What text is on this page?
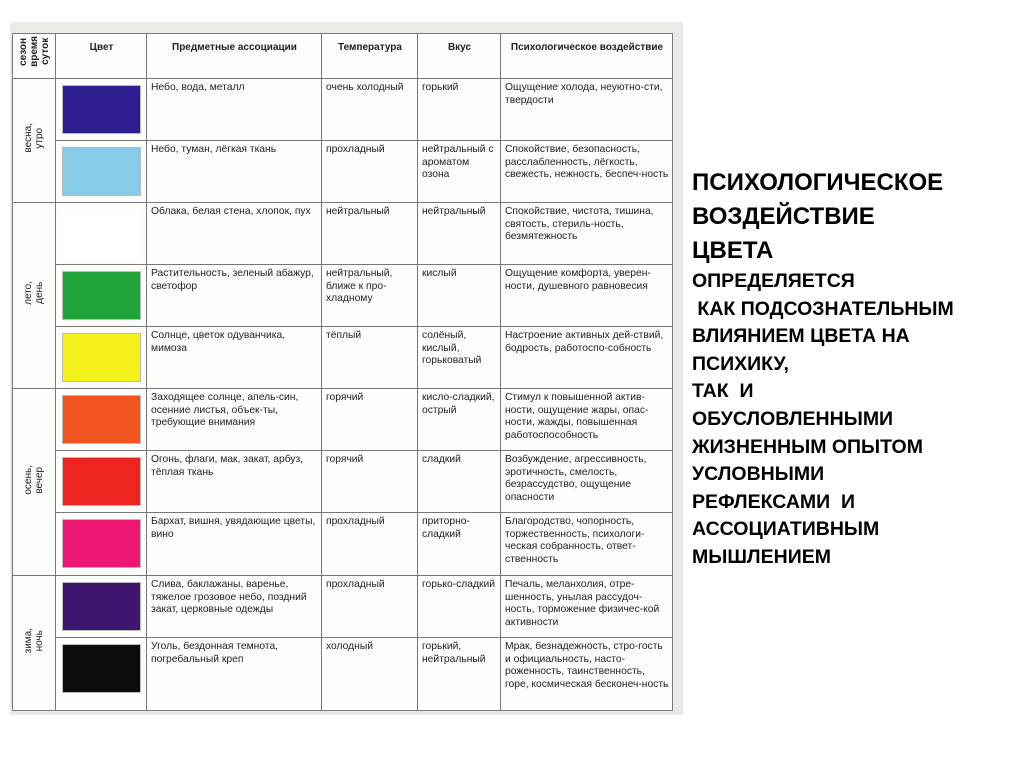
сезон
время
суток	Цвет	Предметные ассоциации	Температура	Вкус	Психологическое воздействие
весна,
утро		Небо, вода, металл	очень холодный	горький	Ощущение холода, неуютно-сти, твердости

		Небо, туман, лёгкая ткань	прохладный	нейтральный с ароматом озона	Спокойствие, безопасность, расслабленность, лёгкость, свежесть, нежность, беспеч-ность
лето,
день		Облака, белая стена, хлопок, пух	нейтральный	нейтральный	Спокойствие, чистота, тишина, святость, стериль-ность, безмятежность

		Растительность, зеленый абажур, светофор	нейтральный, ближе к про-хладному	кислый	Ощущение комфорта, уверен-ности, душевного равновесия

		Солнце, цветок одуванчика, мимоза	тёплый	солёный, кислый, горьковатый	Настроение активных дей-ствий, бодрость, работоспо-собность
осень,
вечер		Заходящее солнце, апель-син, осенние листья, объек-ты, требующие внимания	горячий	кисло-сладкий, острый	Стимул к повышенной актив-ности, ощущение жары, опас-ности, жажды, повышенная работоспособность

		Огонь, флаги, мак, закат, арбуз, тёплая ткань	горячий	сладкий	Возбуждение, агрессивность, эротичность, смелость, безрассудство, ощущение опасности

		Бархат, вишня, увядающие цветы, вино	прохладный	приторно-сладкий	Благородство, чопорность, торжественность, психологи-ческая собранность, ответ-ственность
зима,
ночь		Слива, баклажаны, варенье, тяжелое грозовое небо, поздний закат, церковные одежды	прохладный	горько-сладкий	Печаль, меланхолия, отре-шенность, унылая рассудоч-ность, торможение физичес-кой активности

		Уголь, бездонная темнота, погребальный креп	холодный	горький, нейтральный	Мрак, безнадежность, стро-гость и официальность, насто-роженность, таинственность, горе, космическая бесконеч-ность
ПСИХОЛОГИЧЕСКОЕ
ВОЗДЕЙСТВИЕ
ЦВЕТА
ОПРЕДЕЛЯЕТСЯ
КАК ПОДСОЗНАТЕЛЬНЫМ
ВЛИЯНИЕМ ЦВЕТА НА
ПСИХИКУ,
ТАК  И
ОБУСЛОВЛЕННЫМИ
ЖИЗНЕННЫМ ОПЫТОМ
УСЛОВНЫМИ
РЕФЛЕКСАМИ  И
АССОЦИАТИВНЫМ
МЫШЛЕНИЕМ
